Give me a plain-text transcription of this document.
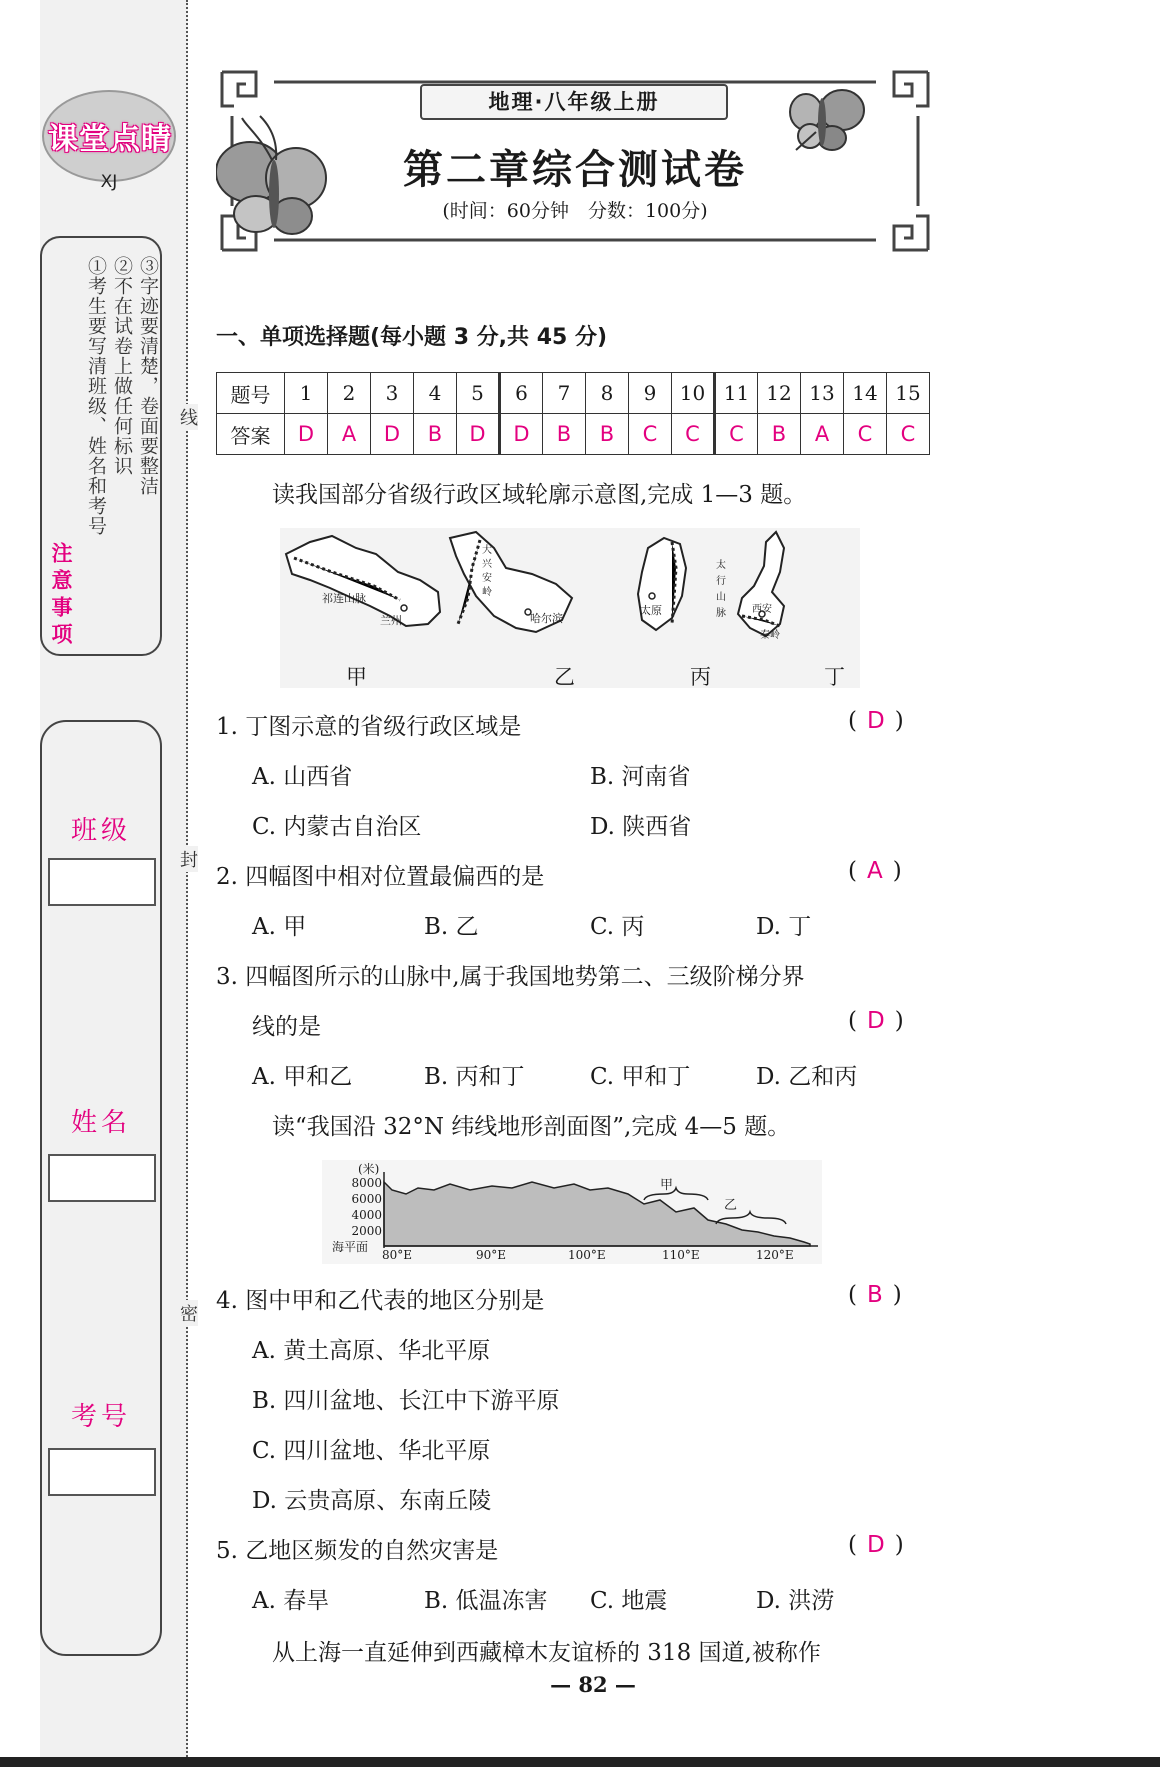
线
封
密
课堂点睛
XJ
注意事项
①考生要写清班级、姓名和考号 ②不在试卷上做任何标识 ③字迹要清楚，卷面要整洁
班级
姓名
考号
地理·八年级上册
第二章综合测试卷
(时间：60分钟　分数：100分)
一、单项选择题(每小题 3 分,共 45 分)
题号	1	2	3	4	5	6	7	8	9	10	11	12	13	14	15
答案	D	A	D	B	D	D	B	B	C	C	C	B	A	C	C
读我国部分省级行政区域轮廓示意图,完成 1—3 题。
祁连山脉
兰州
大
兴
安
岭
哈尔滨
太原
太
行
山
脉	西安
秦岭
甲	乙	丙	丁
1. 丁图示意的省级行政区域是	( D )
A. 山西省	B. 河南省
C. 内蒙古自治区	D. 陕西省
2. 四幅图中相对位置最偏西的是	( A )
A. 甲	B. 乙	C. 丙	D. 丁
3. 四幅图所示的山脉中,属于我国地势第二、三级阶梯分界
线的是	( D )
A. 甲和乙	B. 丙和丁	C. 甲和丁	D. 乙和丙
读“我国沿 32°N 纬线地形剖面图”,完成 4—5 题。
(米)
8000
6000
4000
2000
海平面
80°E	90°E	100°E	110°E	120°E
甲
乙
4. 图中甲和乙代表的地区分别是	( B )
A. 黄土高原、华北平原
B. 四川盆地、长江中下游平原
C. 四川盆地、华北平原
D. 云贵高原、东南丘陵
5. 乙地区频发的自然灾害是	( D )
A. 春旱	B. 低温冻害 C. 地震	D. 洪涝
从上海一直延伸到西藏樟木友谊桥的 318 国道,被称作
— 82 —
